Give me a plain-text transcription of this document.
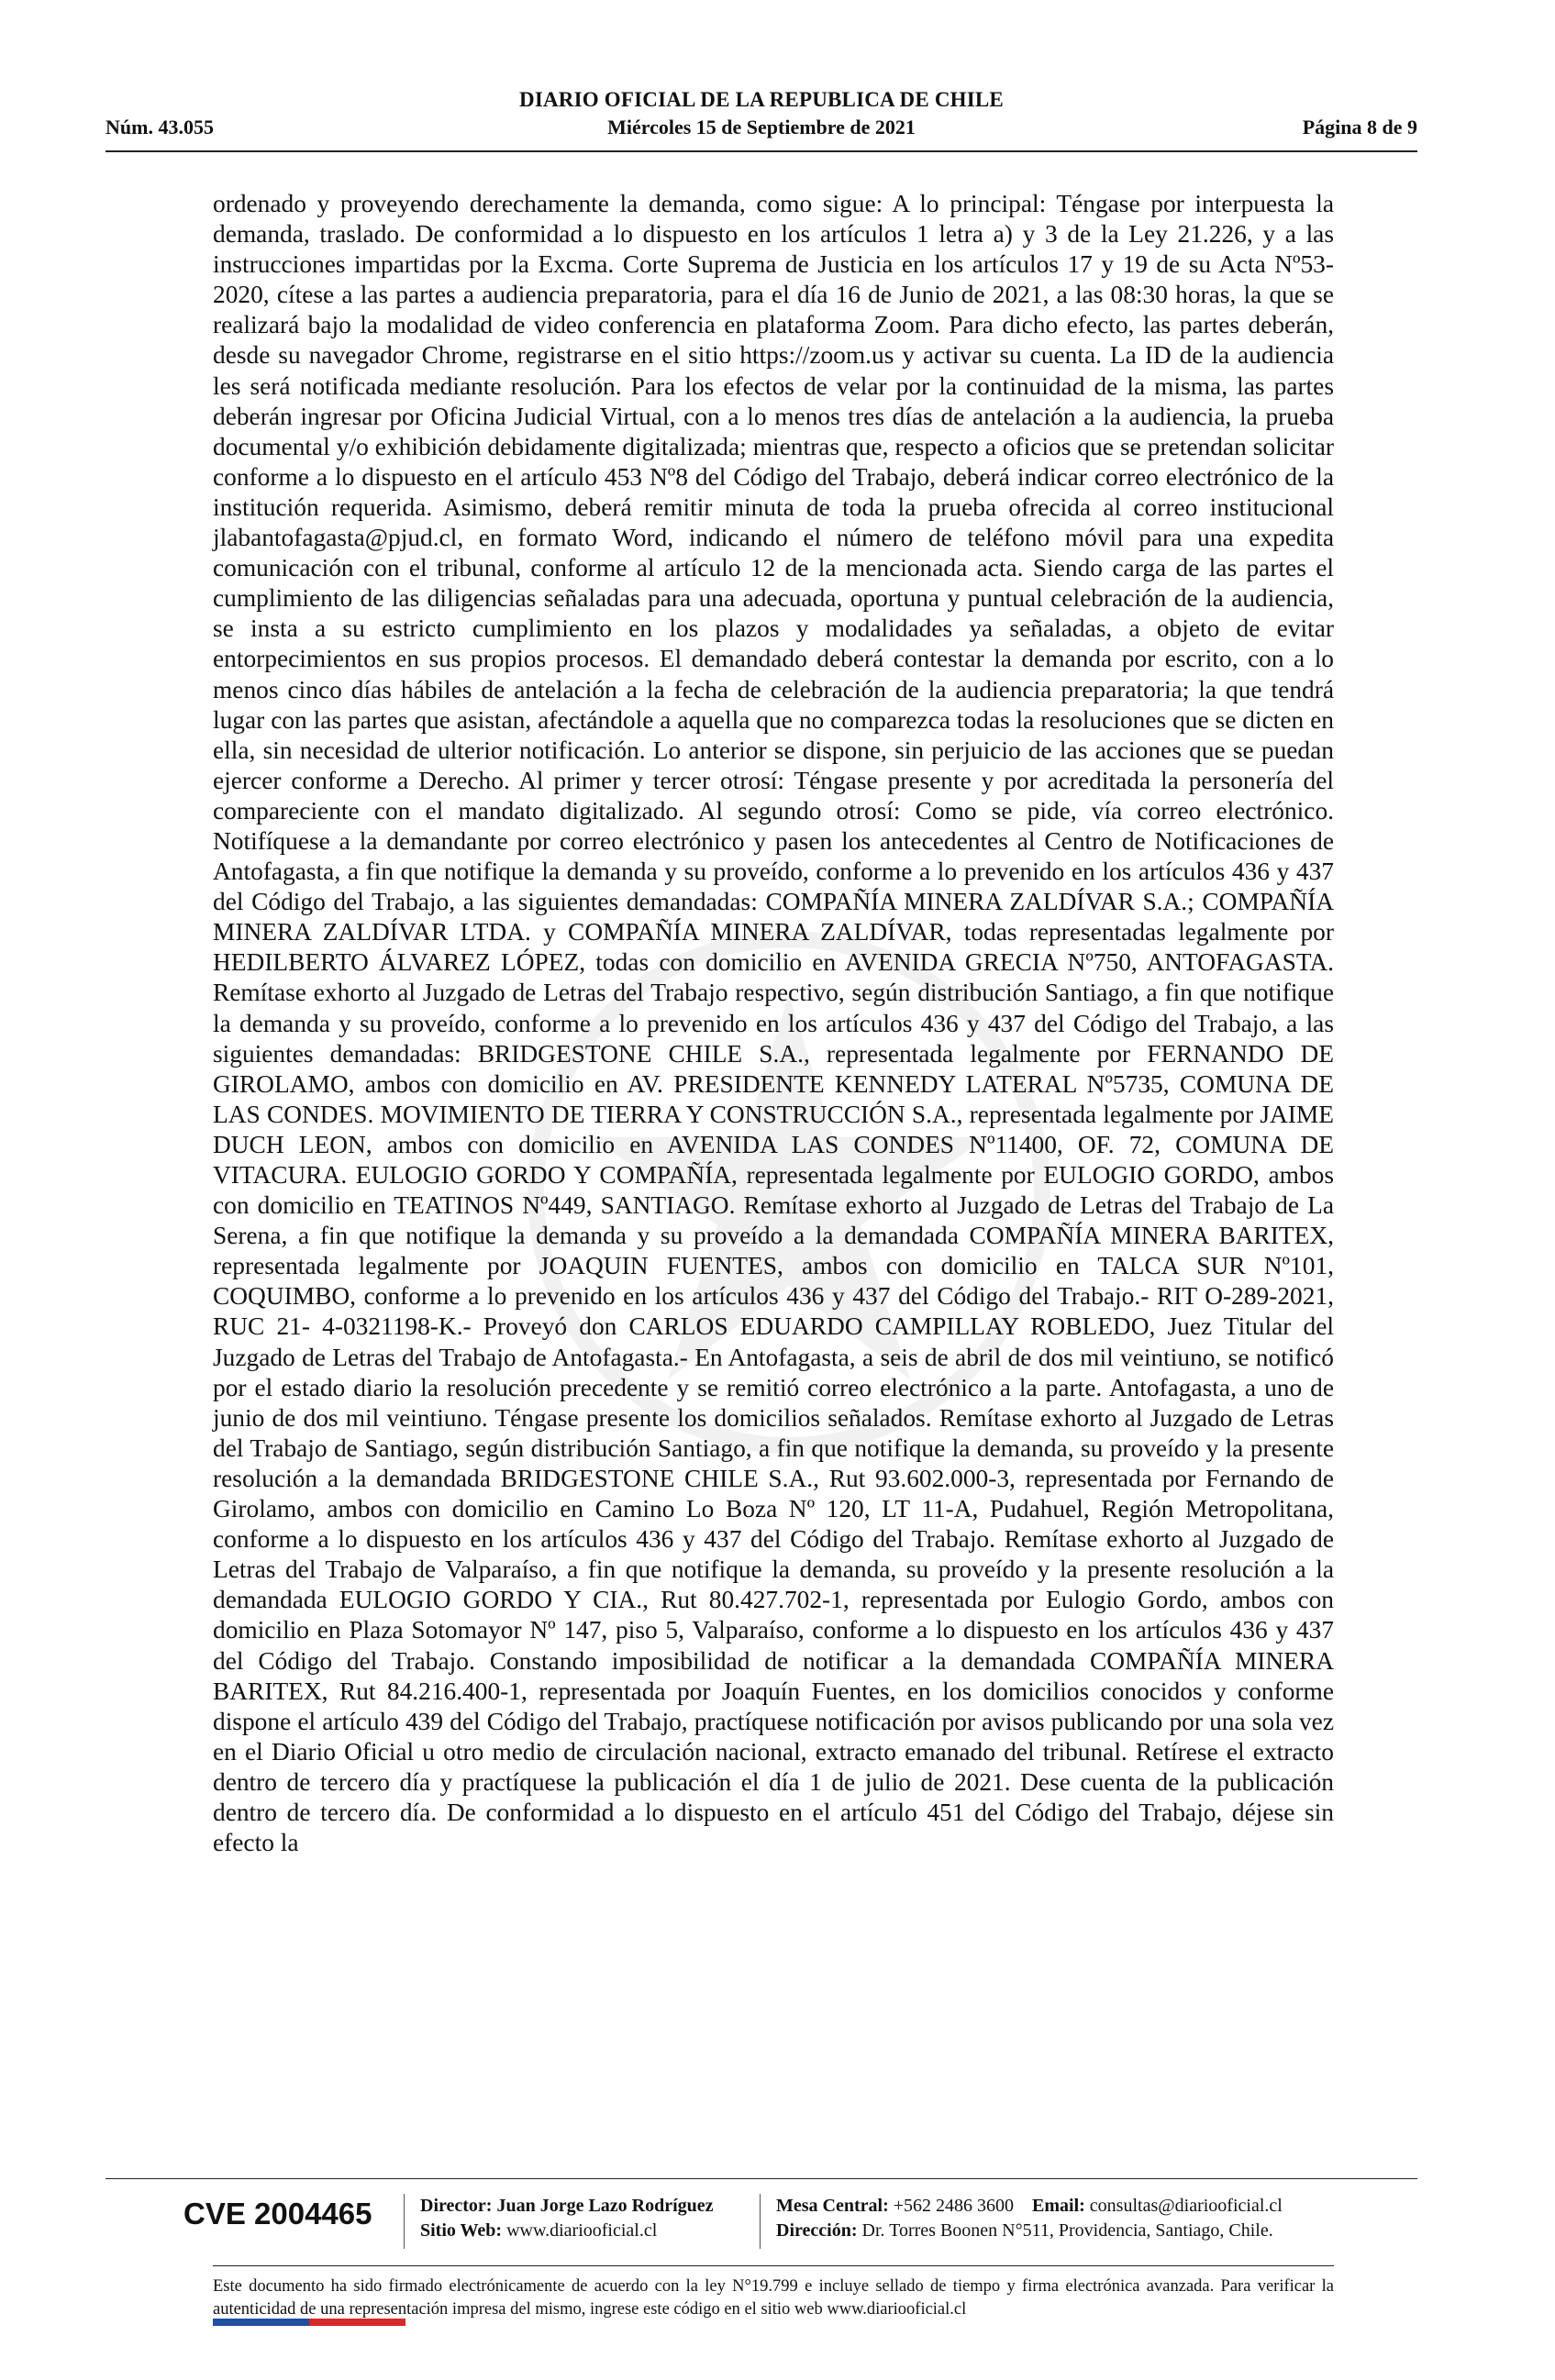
DIARIO OFICIAL DE LA REPUBLICA DE CHILE
Núm. 43.055	Miércoles 15 de Septiembre de 2021	Página 8 de 9

ordenado y proveyendo derechamente la demanda, como sigue: A lo principal: Téngase por interpuesta la demanda, traslado. De conformidad a lo dispuesto en los artículos 1 letra a) y 3 de la Ley 21.226, y a las instrucciones impartidas por la Excma. Corte Suprema de Justicia en los artículos 17 y 19 de su Acta Nº53-2020, cítese a las partes a audiencia preparatoria, para el día 16 de Junio de 2021, a las 08:30 horas, la que se realizará bajo la modalidad de video conferencia en plataforma Zoom. Para dicho efecto, las partes deberán, desde su navegador Chrome, registrarse en el sitio https://zoom.us y activar su cuenta. La ID de la audiencia les será notificada mediante resolución. Para los efectos de velar por la continuidad de la misma, las partes deberán ingresar por Oficina Judicial Virtual, con a lo menos tres días de antelación a la audiencia, la prueba documental y/o exhibición debidamente digitalizada; mientras que, respecto a oficios que se pretendan solicitar conforme a lo dispuesto en el artículo 453 Nº8 del Código del Trabajo, deberá indicar correo electrónico de la institución requerida. Asimismo, deberá remitir minuta de toda la prueba ofrecida al correo institucional jlabantofagasta@pjud.cl, en formato Word, indicando el número de teléfono móvil para una expedita comunicación con el tribunal, conforme al artículo 12 de la mencionada acta. Siendo carga de las partes el cumplimiento de las diligencias señaladas para una adecuada, oportuna y puntual celebración de la audiencia, se insta a su estricto cumplimiento en los plazos y modalidades ya señaladas, a objeto de evitar entorpecimientos en sus propios procesos. El demandado deberá contestar la demanda por escrito, con a lo menos cinco días hábiles de antelación a la fecha de celebración de la audiencia preparatoria; la que tendrá lugar con las partes que asistan, afectándole a aquella que no comparezca todas la resoluciones que se dicten en ella, sin necesidad de ulterior notificación. Lo anterior se dispone, sin perjuicio de las acciones que se puedan ejercer conforme a Derecho. Al primer y tercer otrosí: Téngase presente y por acreditada la personería del compareciente con el mandato digitalizado. Al segundo otrosí: Como se pide, vía correo electrónico. Notifíquese a la demandante por correo electrónico y pasen los antecedentes al Centro de Notificaciones de Antofagasta, a fin que notifique la demanda y su proveído, conforme a lo prevenido en los artículos 436 y 437 del Código del Trabajo, a las siguientes demandadas: COMPAÑÍA MINERA ZALDÍVAR S.A.; COMPAÑÍA MINERA ZALDÍVAR LTDA. y COMPAÑÍA MINERA ZALDÍVAR, todas representadas legalmente por HEDILBERTO ÁLVAREZ LÓPEZ, todas con domicilio en AVENIDA GRECIA Nº750, ANTOFAGASTA. Remítase exhorto al Juzgado de Letras del Trabajo respectivo, según distribución Santiago, a fin que notifique la demanda y su proveído, conforme a lo prevenido en los artículos 436 y 437 del Código del Trabajo, a las siguientes demandadas: BRIDGESTONE CHILE S.A., representada legalmente por FERNANDO DE GIROLAMO, ambos con domicilio en AV. PRESIDENTE KENNEDY LATERAL Nº5735, COMUNA DE LAS CONDES. MOVIMIENTO DE TIERRA Y CONSTRUCCIÓN S.A., representada legalmente por JAIME DUCH LEON, ambos con domicilio en AVENIDA LAS CONDES Nº11400, OF. 72, COMUNA DE VITACURA. EULOGIO GORDO Y COMPAÑÍA, representada legalmente por EULOGIO GORDO, ambos con domicilio en TEATINOS Nº449, SANTIAGO. Remítase exhorto al Juzgado de Letras del Trabajo de La Serena, a fin que notifique la demanda y su proveído a la demandada COMPAÑÍA MINERA BARITEX, representada legalmente por JOAQUIN FUENTES, ambos con domicilio en TALCA SUR Nº101, COQUIMBO, conforme a lo prevenido en los artículos 436 y 437 del Código del Trabajo.- RIT O-289-2021, RUC 21- 4-0321198-K.- Proveyó don CARLOS EDUARDO CAMPILLAY ROBLEDO, Juez Titular del Juzgado de Letras del Trabajo de Antofagasta.- En Antofagasta, a seis de abril de dos mil veintiuno, se notificó por el estado diario la resolución precedente y se remitió correo electrónico a la parte. Antofagasta, a uno de junio de dos mil veintiuno. Téngase presente los domicilios señalados. Remítase exhorto al Juzgado de Letras del Trabajo de Santiago, según distribución Santiago, a fin que notifique la demanda, su proveído y la presente resolución a la demandada BRIDGESTONE CHILE S.A., Rut 93.602.000-3, representada por Fernando de Girolamo, ambos con domicilio en Camino Lo Boza Nº 120, LT 11-A, Pudahuel, Región Metropolitana, conforme a lo dispuesto en los artículos 436 y 437 del Código del Trabajo. Remítase exhorto al Juzgado de Letras del Trabajo de Valparaíso, a fin que notifique la demanda, su proveído y la presente resolución a la demandada EULOGIO GORDO Y CIA., Rut 80.427.702-1, representada por Eulogio Gordo, ambos con domicilio en Plaza Sotomayor Nº 147, piso 5, Valparaíso, conforme a lo dispuesto en los artículos 436 y 437 del Código del Trabajo. Constando imposibilidad de notificar a la demandada COMPAÑÍA MINERA BARITEX, Rut 84.216.400-1, representada por Joaquín Fuentes, en los domicilios conocidos y conforme dispone el artículo 439 del Código del Trabajo, practíquese notificación por avisos publicando por una sola vez en el Diario Oficial u otro medio de circulación nacional, extracto emanado del tribunal. Retírese el extracto dentro de tercero día y practíquese la publicación el día 1 de julio de 2021. Dese cuenta de la publicación dentro de tercero día. De conformidad a lo dispuesto en el artículo 451 del Código del Trabajo, déjese sin efecto la

CVE 2004465	Director: Juan Jorge Lazo Rodríguez
Sitio Web: www.diariooficial.cl
Mesa Central: +562 2486 3600 Email: consultas@diariooficial.cl
Dirección: Dr. Torres Boonen N°511, Providencia, Santiago, Chile.
Este documento ha sido firmado electrónicamente de acuerdo con la ley N°19.799 e incluye sellado de tiempo y firma electrónica avanzada. Para verificar la autenticidad de una representación impresa del mismo, ingrese este código en el sitio web www.diariooficial.cl
